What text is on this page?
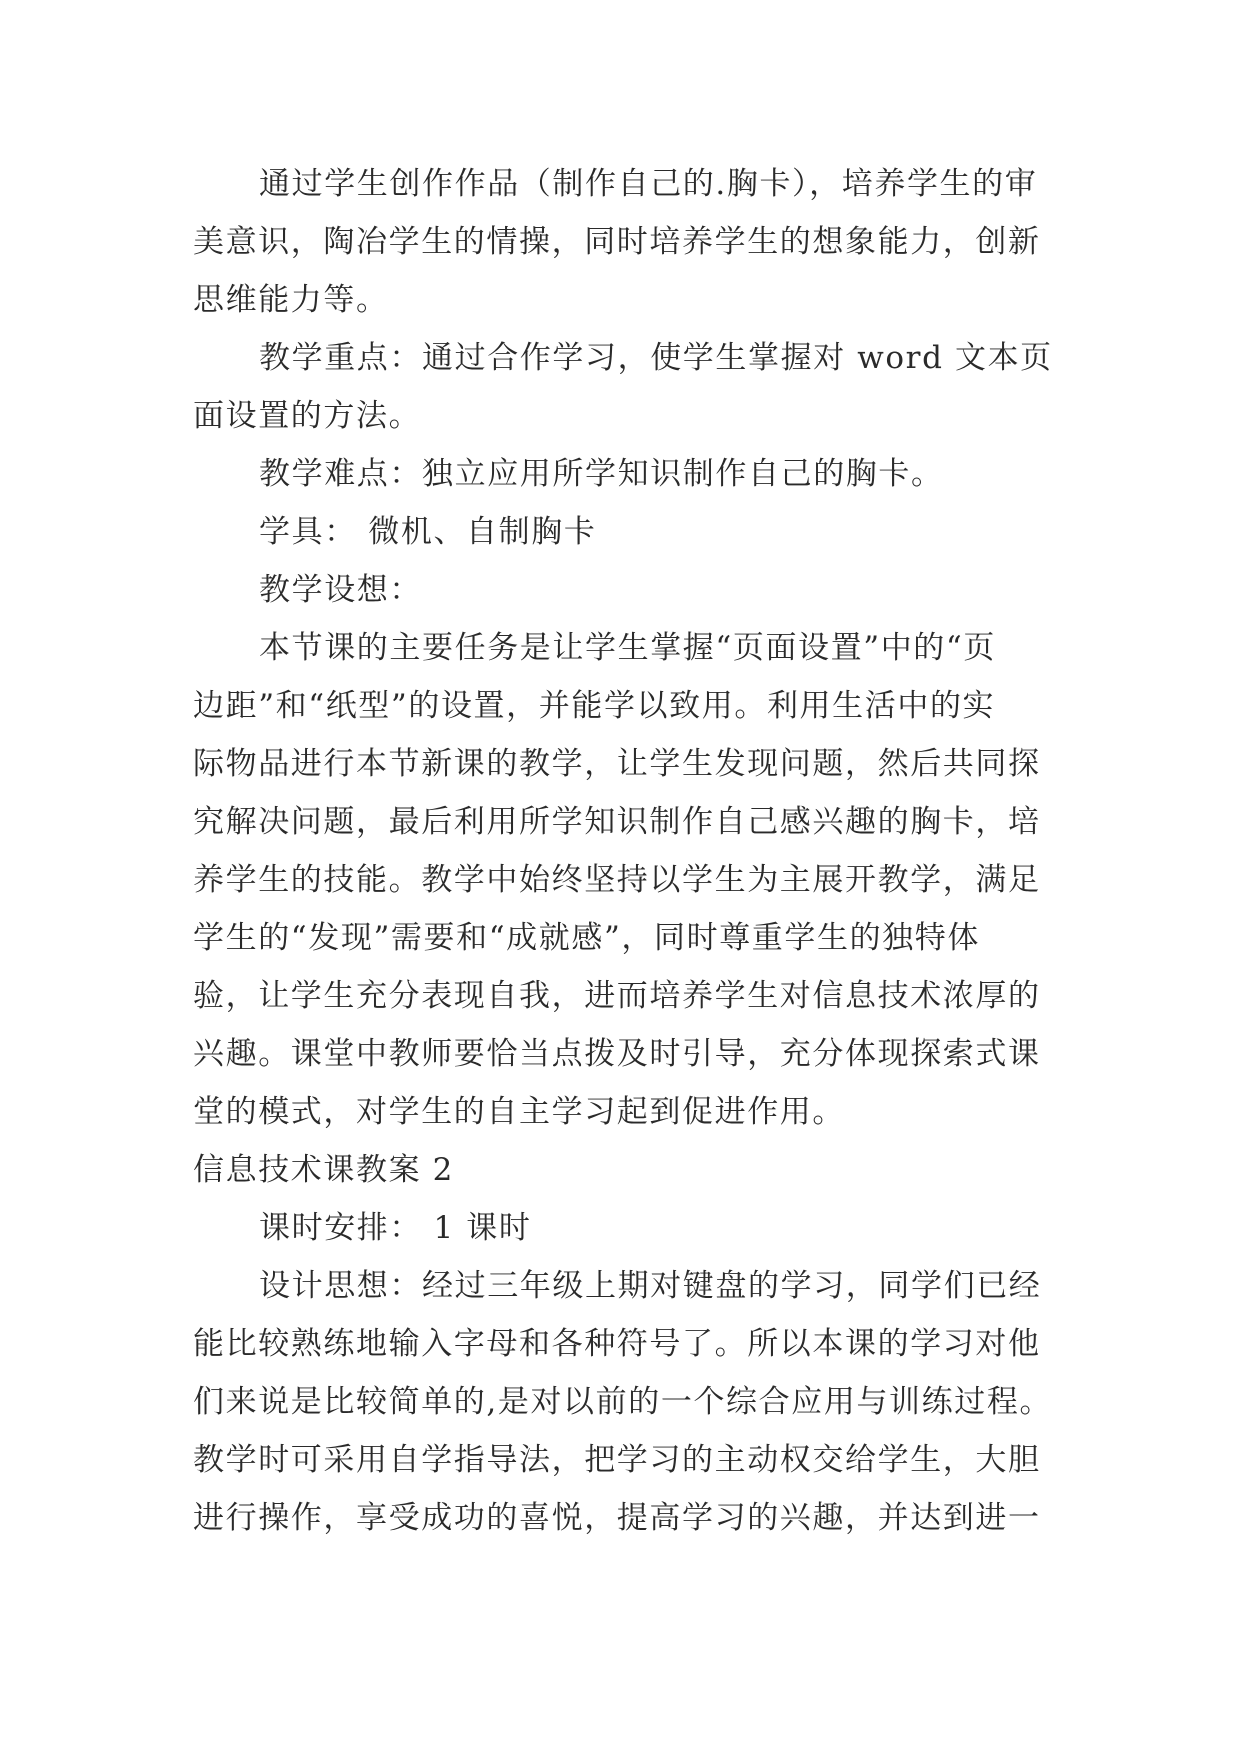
通过学生创作作品（制作自己的.胸卡），培养学生的审

美意识，陶冶学生的情操，同时培养学生的想象能力，创新

思维能力等。

教学重点：通过合作学习，使学生掌握对 word 文本页

面设置的方法。

教学难点：独立应用所学知识制作自己的胸卡。

学具： 微机、自制胸卡

教学设想：

本节课的主要任务是让学生掌握“页面设置”中的“页

边距”和“纸型”的设置，并能学以致用。利用生活中的实

际物品进行本节新课的教学，让学生发现问题，然后共同探

究解决问题，最后利用所学知识制作自己感兴趣的胸卡，培

养学生的技能。教学中始终坚持以学生为主展开教学，满足

学生的“发现”需要和“成就感”，同时尊重学生的独特体

验，让学生充分表现自我，进而培养学生对信息技术浓厚的

兴趣。课堂中教师要恰当点拨及时引导，充分体现探索式课

堂的模式，对学生的自主学习起到促进作用。

信息技术课教案 2

课时安排： 1 课时

设计思想：经过三年级上期对键盘的学习，同学们已经

能比较熟练地输入字母和各种符号了。所以本课的学习对他

们来说是比较简单的,是对以前的一个综合应用与训练过程。

教学时可采用自学指导法，把学习的主动权交给学生，大胆

进行操作，享受成功的喜悦，提高学习的兴趣，并达到进一
